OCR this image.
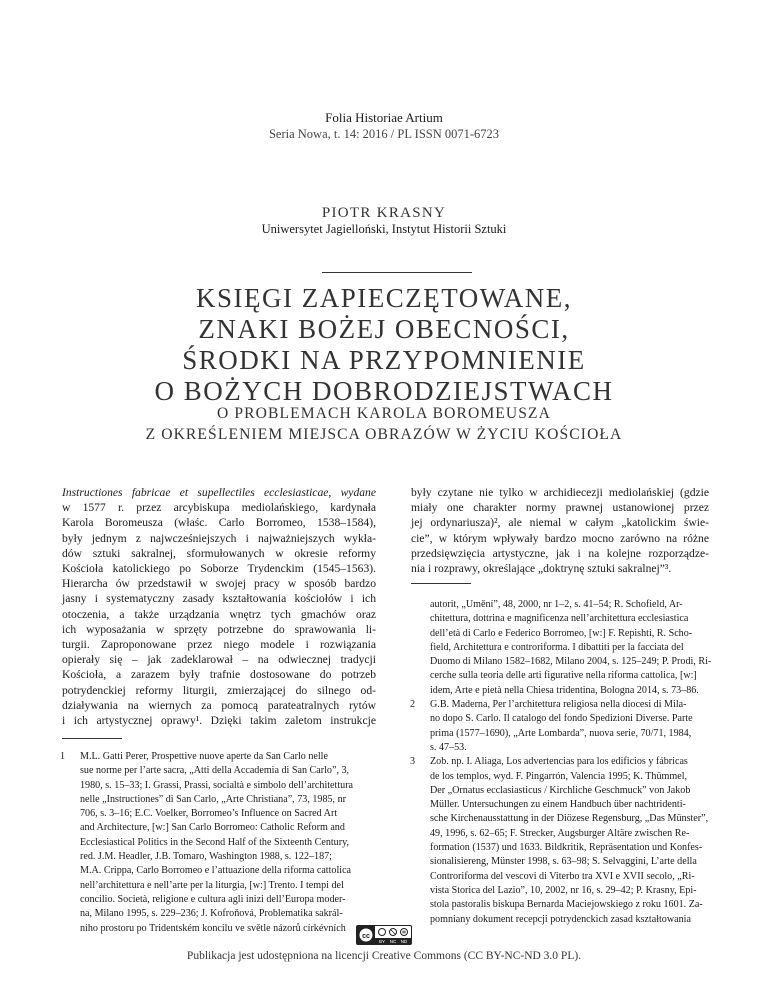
Folia Historiae Artium
Seria Nowa, t. 14: 2016 / PL ISSN 0071-6723
PIOTR KRASNY
Uniwersytet Jagielloński, Instytut Historii Sztuki
KSIĘGI ZAPIECZĘTOWANE,
ZNAKI BOŻEJ OBECNOŚCI,
ŚRODKI NA PRZYPOMNIENIE
O BOŻYCH DOBRODZIEJSTWACH
O PROBLEMACH KAROLA BOROMEUSZA
Z OKREŚLENIEM MIEJSCA OBRAZÓW W ŻYCIU KOŚCIOŁA
Instructiones fabricae et supellectiles ecclesiasticae, wydane
w 1577 r. przez arcybiskupa mediolańskiego, kardynała
Karola Boromeusza (właśc. Carlo Borromeo, 1538–1584),
były jednym z najwcześniejszych i najważniejszych wykła-
dów sztuki sakralnej, sformułowanych w okresie reformy
Kościoła katolickiego po Soborze Trydenckim (1545–1563).
Hierarcha ów przedstawił w swojej pracy w sposób bardzo
jasny i systematyczny zasady kształtowania kościołów i ich
otoczenia, a także urządzania wnętrz tych gmachów oraz
ich wyposażania w sprzęty potrzebne do sprawowania li-
turgii. Zaproponowane przez niego modele i rozwiązania
opierały się – jak zadeklarował – na odwiecznej tradycji
Kościoła, a zarazem były trafnie dostosowane do potrzeb
potrydenckiej reformy liturgii, zmierzającej do silnego od-
działywania na wiernych za pomocą parateatralnych rytów
i ich artystycznej oprawy¹. Dzięki takim zaletom instrukcje
były czytane nie tylko w archidiecezji mediolańskiej (gdzie
miały one charakter normy prawnej ustanowionej przez
jej ordynariusza)², ale niemal w całym „katolickim świe-
cie”, w którym wpływały bardzo mocno zarówno na różne
przedsięwzięcia artystyczne, jak i na kolejne rozporządze-
nia i rozprawy, określające „doktrynę sztuki sakralnej”³.
1 M.L. Gatti Perer, Prospettive nuove aperte da San Carlo nelle
sue norme per l’arte sacra, „Atti della Accademia di San Carlo”, 3,
1980, s. 15–33; I. Grassi, Prassi, socialtà e simbolo dell’architettura
nelle „Instructiones” di San Carlo, „Arte Christiana”, 73, 1985, nr
706, s. 3–16; E.C. Voelker, Borromeo’s Influence on Sacred Art
and Architecture, [w:] San Carlo Borromeo: Catholic Reform and
Ecclesiastical Politics in the Second Half of the Sixteenth Century,
red. J.M. Headler, J.B. Tomaro, Washington 1988, s. 122–187;
M.A. Crippa, Carlo Borromeo e l’attuazione della riforma cattolica
nell’architettura e nell’arte per la liturgia, [w:] Trento. I tempi del
concilio. Società, religione e cultura agli inizi dell’Europa moder-
na, Milano 1995, s. 229–236; J. Kofroňová, Problematika sakrál-
niho prostoru po Tridentském koncilu ve světle názorů církévních
autorit, „Umění”, 48, 2000, nr 1–2, s. 41–54; R. Schofield, Ar-
chitettura, dottrina e magnificenza nell’architettura ecclesiastica
dell’età di Carlo e Federico Borromeo, [w:] F. Repishti, R. Scho-
field, Architettura e controriforma. I dibattiti per la facciata del
Duomo di Milano 1582–1682, Milano 2004, s. 125–249; P. Prodi, Ri-
cerche sulla teoria delle arti figurative nella riforma cattolica, [w:]
idem, Arte e pietà nella Chiesa tridentina, Bologna 2014, s. 73–86.
2 G.B. Maderna, Per l’architettura religiosa nella diocesi di Mila-
no dopo S. Carlo. Il catalogo del fondo Spedizioni Diverse. Parte
prima (1577–1690), „Arte Lombarda”, nuova serie, 70/71, 1984,
s. 47–53.
3 Zob. np. I. Aliaga, Los advertencias para los edificios y fábricas
de los templos, wyd. F. Pingarrón, Valencia 1995; K. Thümmel,
Der „Ornatus ecclasiasticus / Kirchliche Geschmuck” von Jakob
Müller. Untersuchungen zu einem Handbuch über nachtridenti-
sche Kirchenausstattung in der Diözese Regensburg, „Das Münster”,
49, 1996, s. 62–65; F. Strecker, Augsburger Altäre zwischen Re-
formation (1537) und 1633. Bildkritik, Repräsentation und Konfes-
sionalisiereng, Münster 1998, s. 63–98; S. Selvaggini, L’arte della
Controriforma del vescovi di Viterbo tra XVI e XVII secolo, „Ri-
vista Storica del Lazio”, 10, 2002, nr 16, s. 29–42; P. Krasny, Epi-
stola pastoralis biskupa Bernarda Maciejowskiego z roku 1601. Za-
pomniany dokument recepcji potrydenckich zasad kształtowania
cc
BY NC ND
Publikacja jest udostępniona na licencji Creative Commons (CC BY-NC-ND 3.0 PL).
